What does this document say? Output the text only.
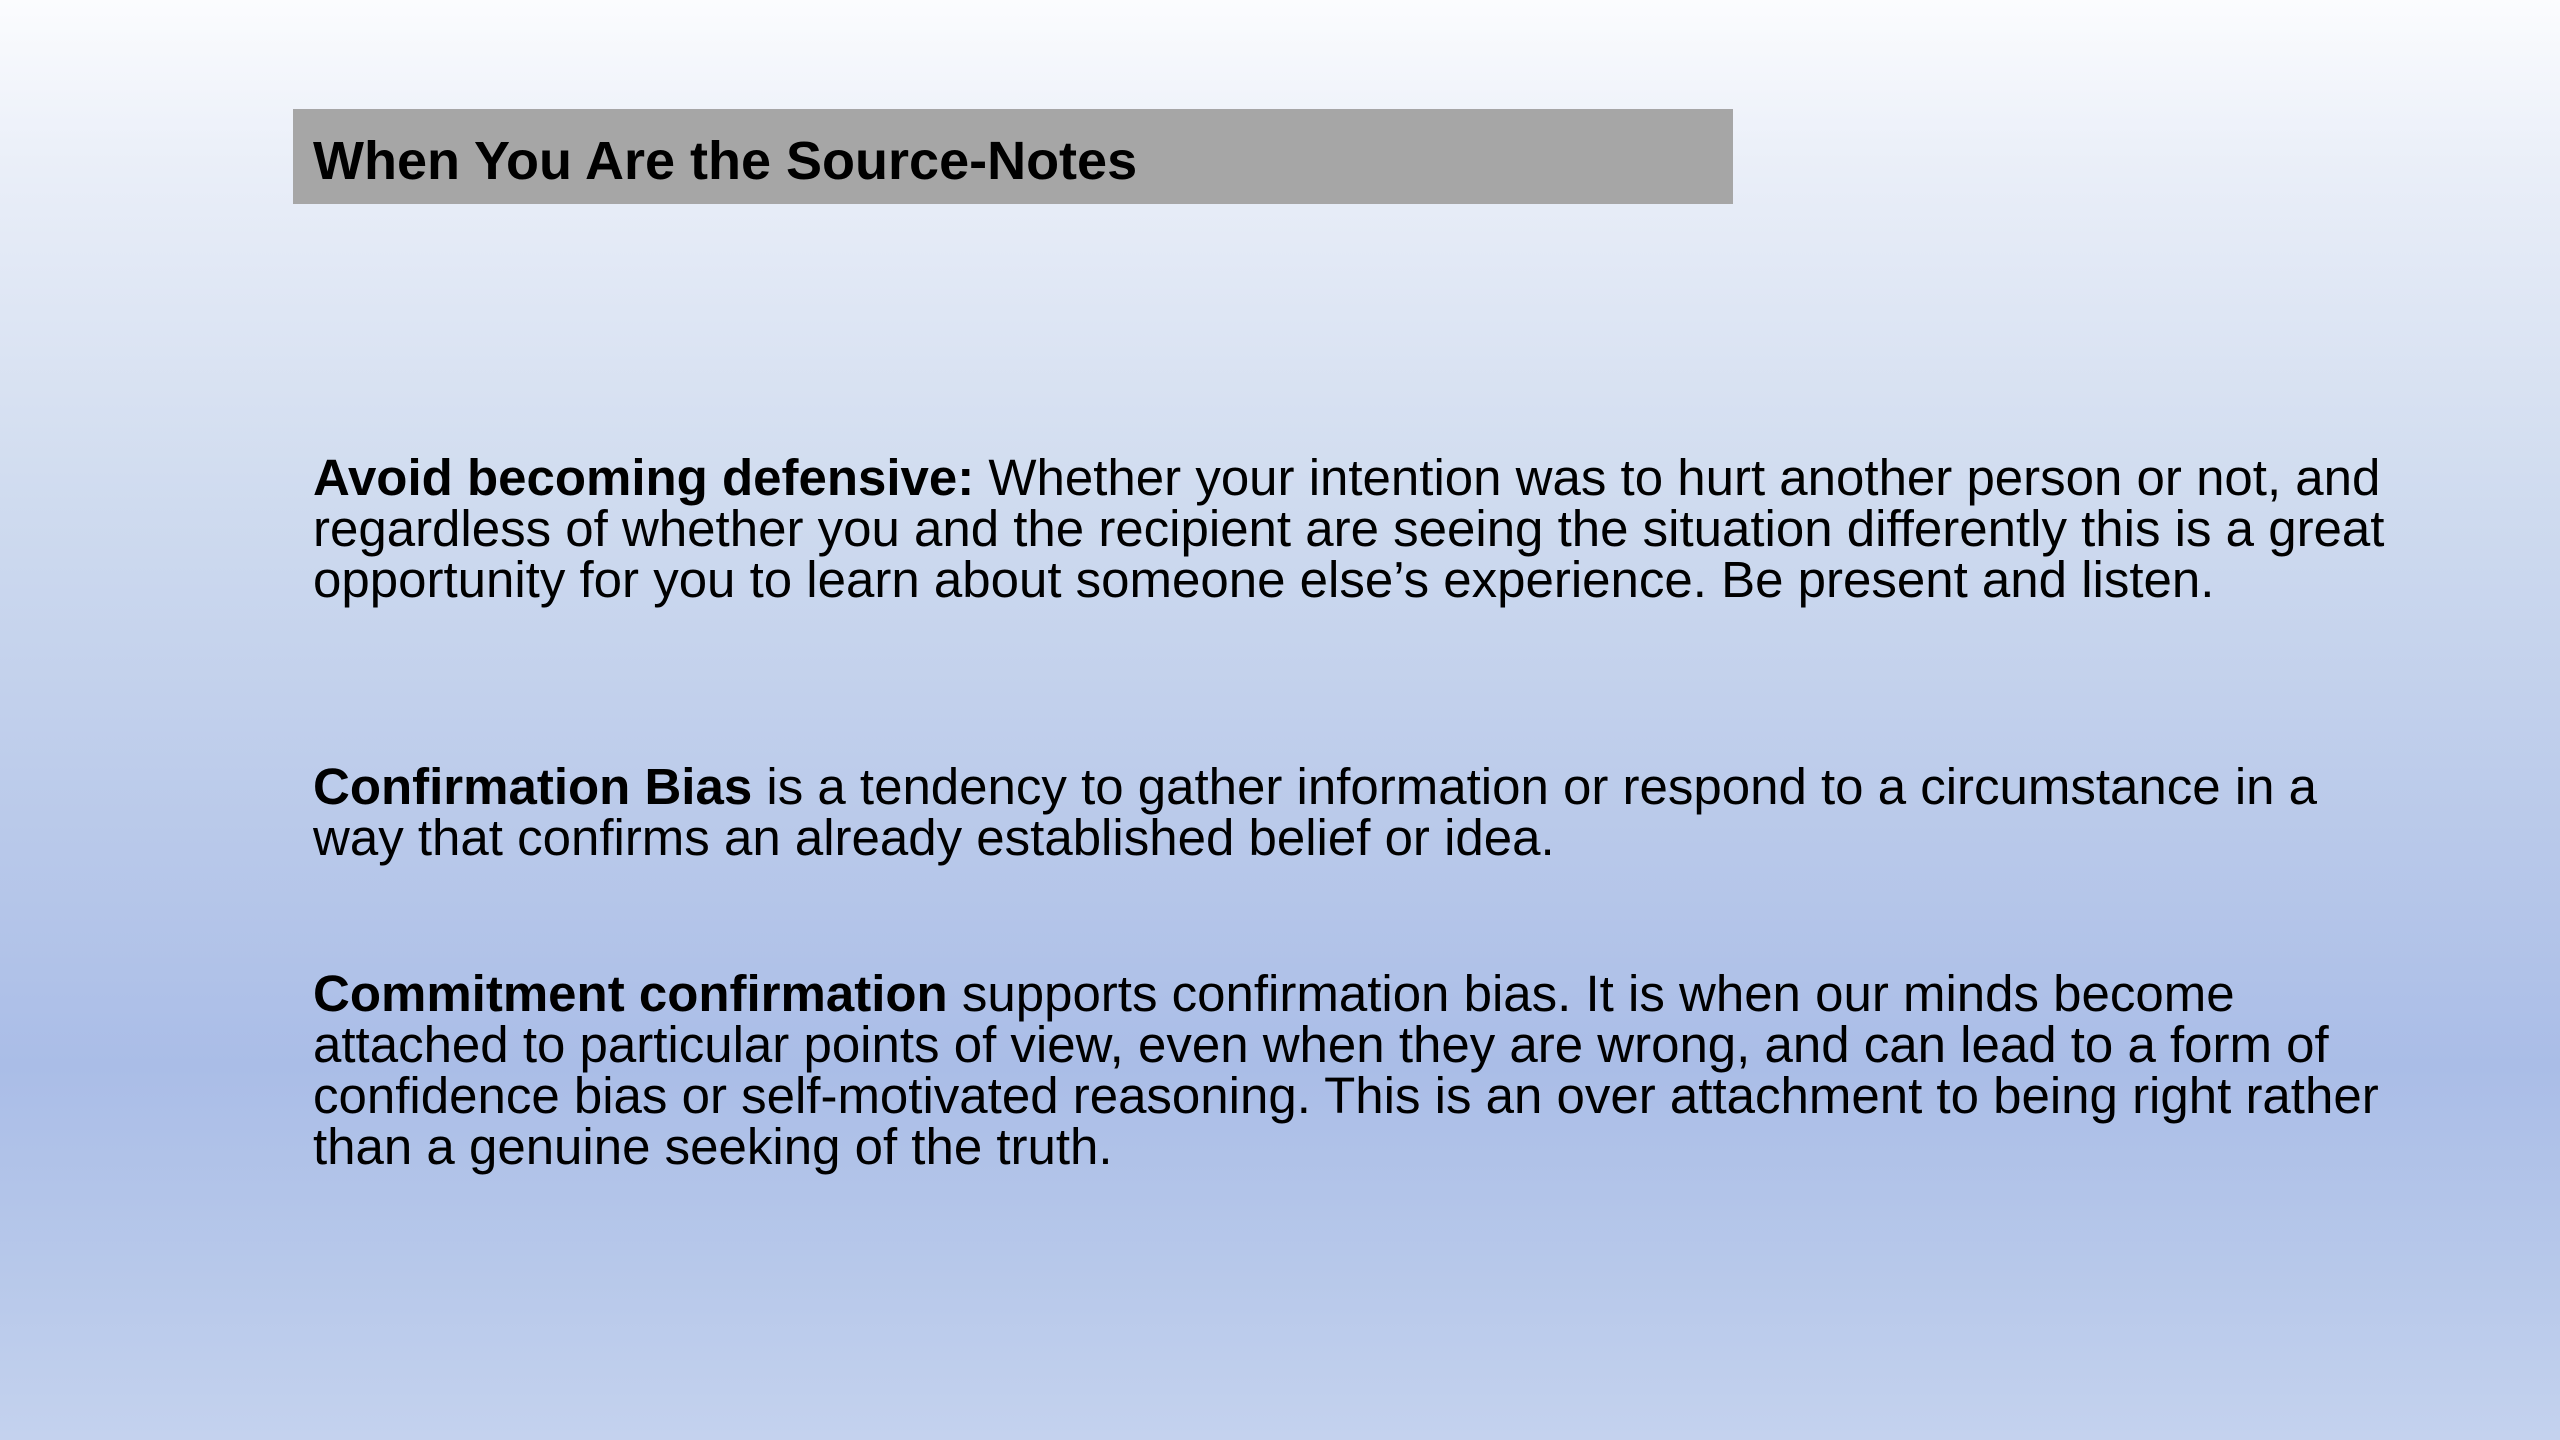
When You Are the Source-Notes

Avoid becoming defensive: Whether your intention was to hurt another person or not, and regardless of whether you and the recipient are seeing the situation differently this is a great opportunity for you to learn about someone else’s experience. Be present and listen.

Confirmation Bias is a tendency to gather information or respond to a circumstance in a way that confirms an already established belief or idea.

Commitment confirmation supports confirmation bias. It is when our minds become attached to particular points of view, even when they are wrong, and can lead to a form of confidence bias or self-motivated reasoning. This is an over attachment to being right rather than a genuine seeking of the truth.
